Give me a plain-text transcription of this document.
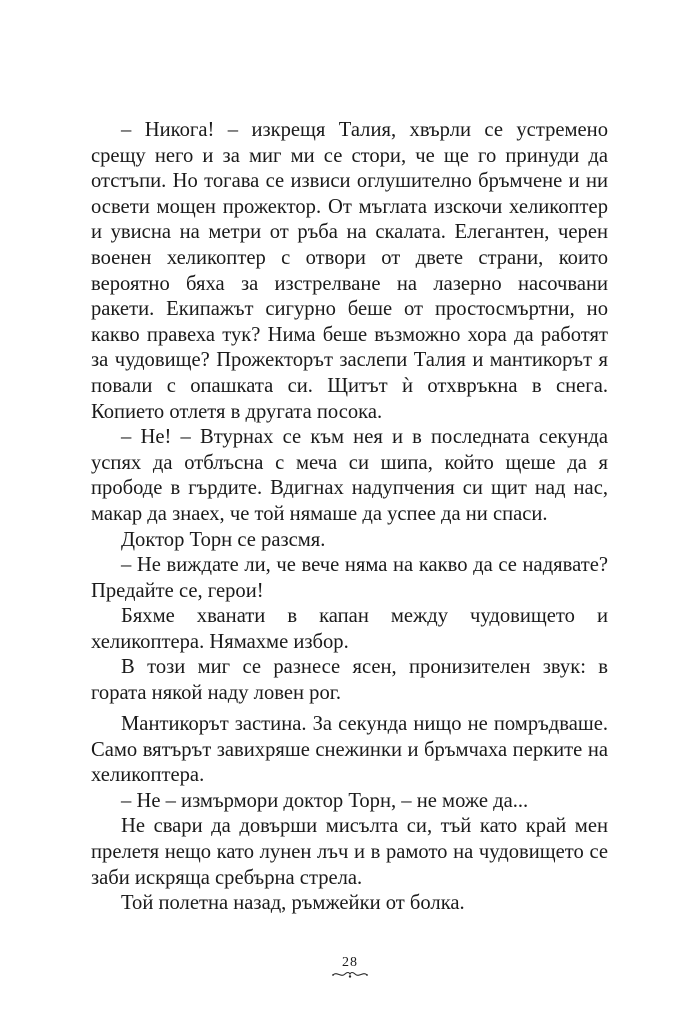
– Никога! – изкрещя Талия, хвърли се устремено срещу него и за миг ми се стори, че ще го принуди да отстъпи. Но тогава се извиси оглушително бръмчене и ни освети мощен прожектор. От мъглата изскочи хеликоптер и увисна на метри от ръба на скалата. Елегантен, черен военен хеликоптер с отвори от двете страни, които вероятно бяха за изстрелване на лазерно насочвани ракети. Екипажът сигурно беше от простосмъртни, но какво правеха тук? Нима беше възможно хора да работят за чудовище? Прожекторът заслепи Талия и мантикорът я повали с опашката си. Щитът ѝ отхвръкна в снега. Копието отлетя в другата посока.

– Не! – Втурнах се към нея и в последната секунда успях да отблъсна с меча си шипа, който щеше да я прободе в гърдите. Вдигнах надупчения си щит над нас, макар да знаех, че той нямаше да успее да ни спаси.

Доктор Торн се разсмя.

– Не виждате ли, че вече няма на какво да се надявате? Предайте се, герои!

Бяхме хванати в капан между чудовището и хеликоптера. Нямахме избор.

В този миг се разнесе ясен, пронизителен звук: в гората някой наду ловен рог.

Мантикорът застина. За секунда нищо не помръдваше. Само вятърът завихряше снежинки и бръмчаха перките на хеликоптера.

– Не – измърмори доктор Торн, – не може да...

Не свари да довърши мисълта си, тъй като край мен прелетя нещо като лунен лъч и в рамото на чудовището се заби искряща сребърна стрела.

Той полетна назад, ръмжейки от болка.

28
